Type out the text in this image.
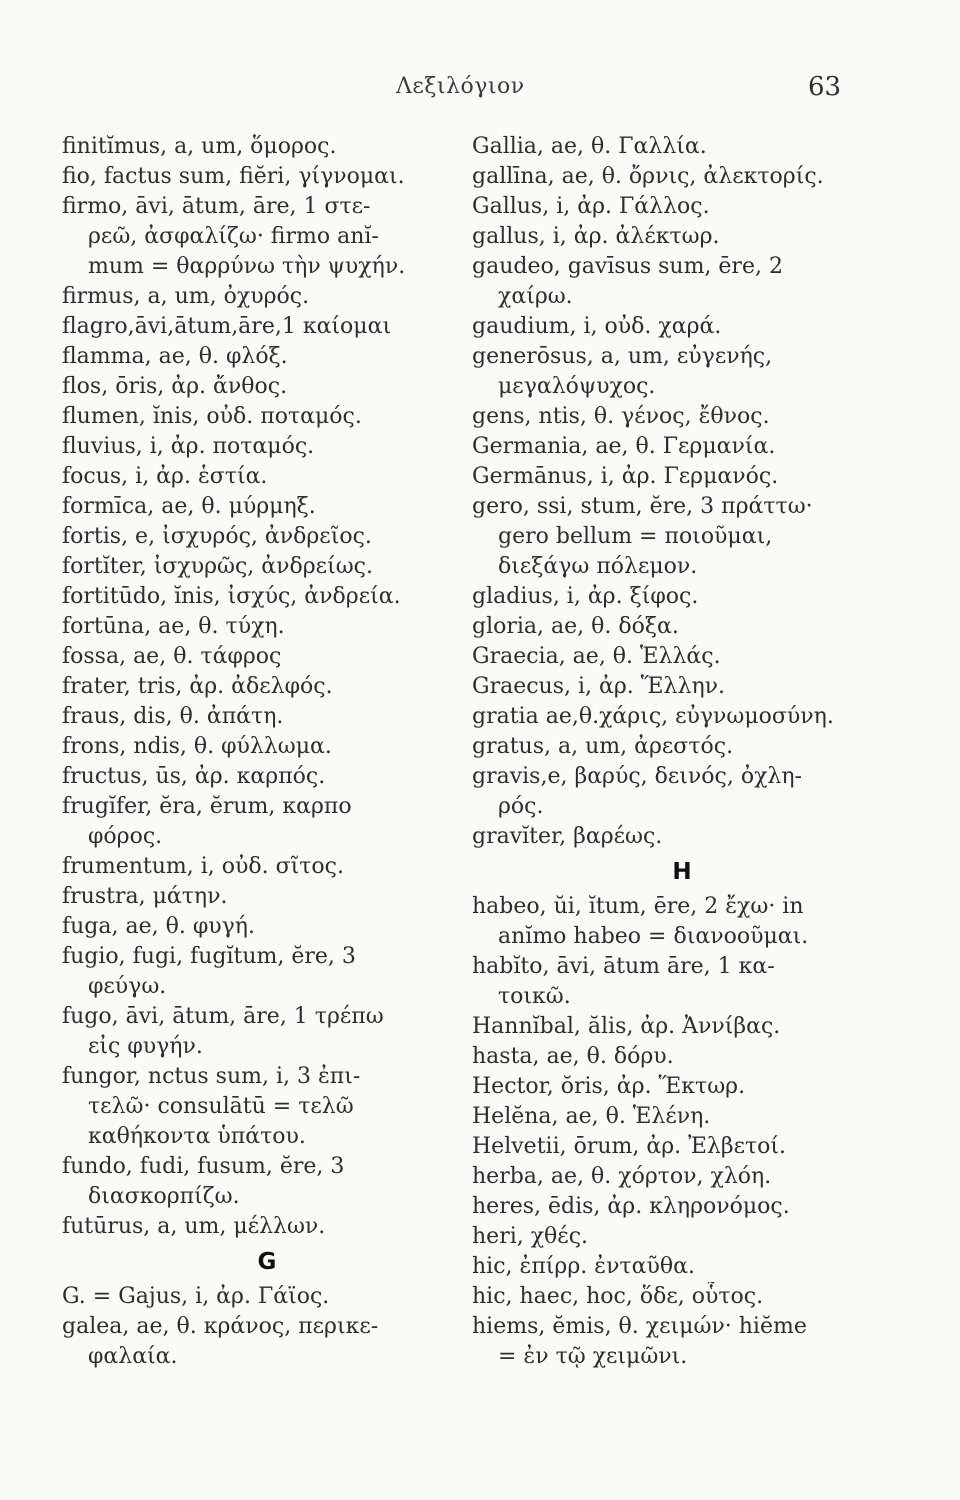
Λεξιλόγιον	63
finitĭmus, a, um, ὅμορος.
fio, factus sum, fiĕri, γίγνομαι.
firmo, āvi, ātum, āre, 1 στε-
ρεῶ, ἀσφαλίζω· firmo anĭ-
mum = θαρρύνω τὴν ψυχήν.
firmus, a, um, ὀχυρός.
flagro,āvi,ātum,āre,1 καίομαι
flamma, ae, θ. φλόξ.
flos, ōris, ἀρ. ἄνθος.
flumen, ĭnis, οὐδ. ποταμός.
fluvius, i, ἀρ. ποταμός.
focus, i, ἀρ. ἑστία.
formīca, ae, θ. μύρμηξ.
fortis, e, ἰσχυρός, ἀνδρεῖος.
fortĭter, ἰσχυρῶς, ἀνδρείως.
fortitūdo, ĭnis, ἰσχύς, ἀνδρεία.
fortūna, ae, θ. τύχη.
fossa, ae, θ. τάφρος
frater, tris, ἀρ. ἀδελφός.
fraus, dis, θ. ἀπάτη.
frons, ndis, θ. φύλλωμα.
fructus, ūs, ἀρ. καρπός.
frugĭfer, ĕra, ĕrum, καρπο
φόρος.
frumentum, i, οὐδ. σῖτος.
frustra, μάτην.
fuga, ae, θ. φυγή.
fugio, fugi, fugĭtum, ĕre, 3
φεύγω.
fugo, āvi, ātum, āre, 1 τρέπω
εἰς φυγήν.
fungor, nctus sum, i, 3 ἐπι-
τελῶ· consulātū = τελῶ
καθήκοντα ὑπάτου.
fundo, fudi, fusum, ĕre, 3
διασκορπίζω.
futūrus, a, um, μέλλων.
G
G. = Gajus, i, ἀρ. Γάϊος.
galea, ae, θ. κράνος, περικε-
φαλαία.
Gallia, ae, θ. Γαλλία.
gallīna, ae, θ. ὄρνις, ἀλεκτορίς.
Gallus, i, ἀρ. Γάλλος.
gallus, i, ἀρ. ἀλέκτωρ.
gaudeo, gavīsus sum, ēre, 2
χαίρω.
gaudium, i, οὐδ. χαρά.
generōsus, a, um, εὐγενής,
μεγαλόψυχος.
gens, ntis, θ. γένος, ἔθνος.
Germania, ae, θ. Γερμανία.
Germānus, i, ἀρ. Γερμανός.
gero, ssi, stum, ĕre, 3 πράττω·
gero bellum = ποιοῦμαι,
διεξάγω πόλεμον.
gladius, i, ἀρ. ξίφος.
gloria, ae, θ. δόξα.
Graecia, ae, θ. Ἑλλάς.
Graecus, i, ἀρ. Ἕλλην.
gratia ae,θ.χάρις, εὐγνωμοσύνη.
gratus, a, um, ἀρεστός.
gravis,e, βαρύς, δεινός, ὀχλη-
ρός.
gravĭter, βαρέως.
H
habeo, ŭi, ĭtum, ēre, 2 ἔχω· in
anĭmo habeo = διανοοῦμαι.
habĭto, āvi, ātum āre, 1 κα-
τοικῶ.
Hannĭbal, ălis, ἀρ. Ἀννίβας.
hasta, ae, θ. δόρυ.
Hector, ŏris, ἀρ. Ἕκτωρ.
Helĕna, ae, θ. Ἑλένη.
Helvetii, ōrum, ἀρ. Ἐλβετοί.
herba, ae, θ. χόρτον, χλόη.
heres, ēdis, ἀρ. κληρονόμος.
heri, χθές.
hic, ἐπίρρ. ἐνταῦθα.
hic, haec, hoc, ὅδε, οὗτος.
hiems, ĕmis, θ. χειμών· hiĕme
= ἐν τῷ χειμῶνι.
